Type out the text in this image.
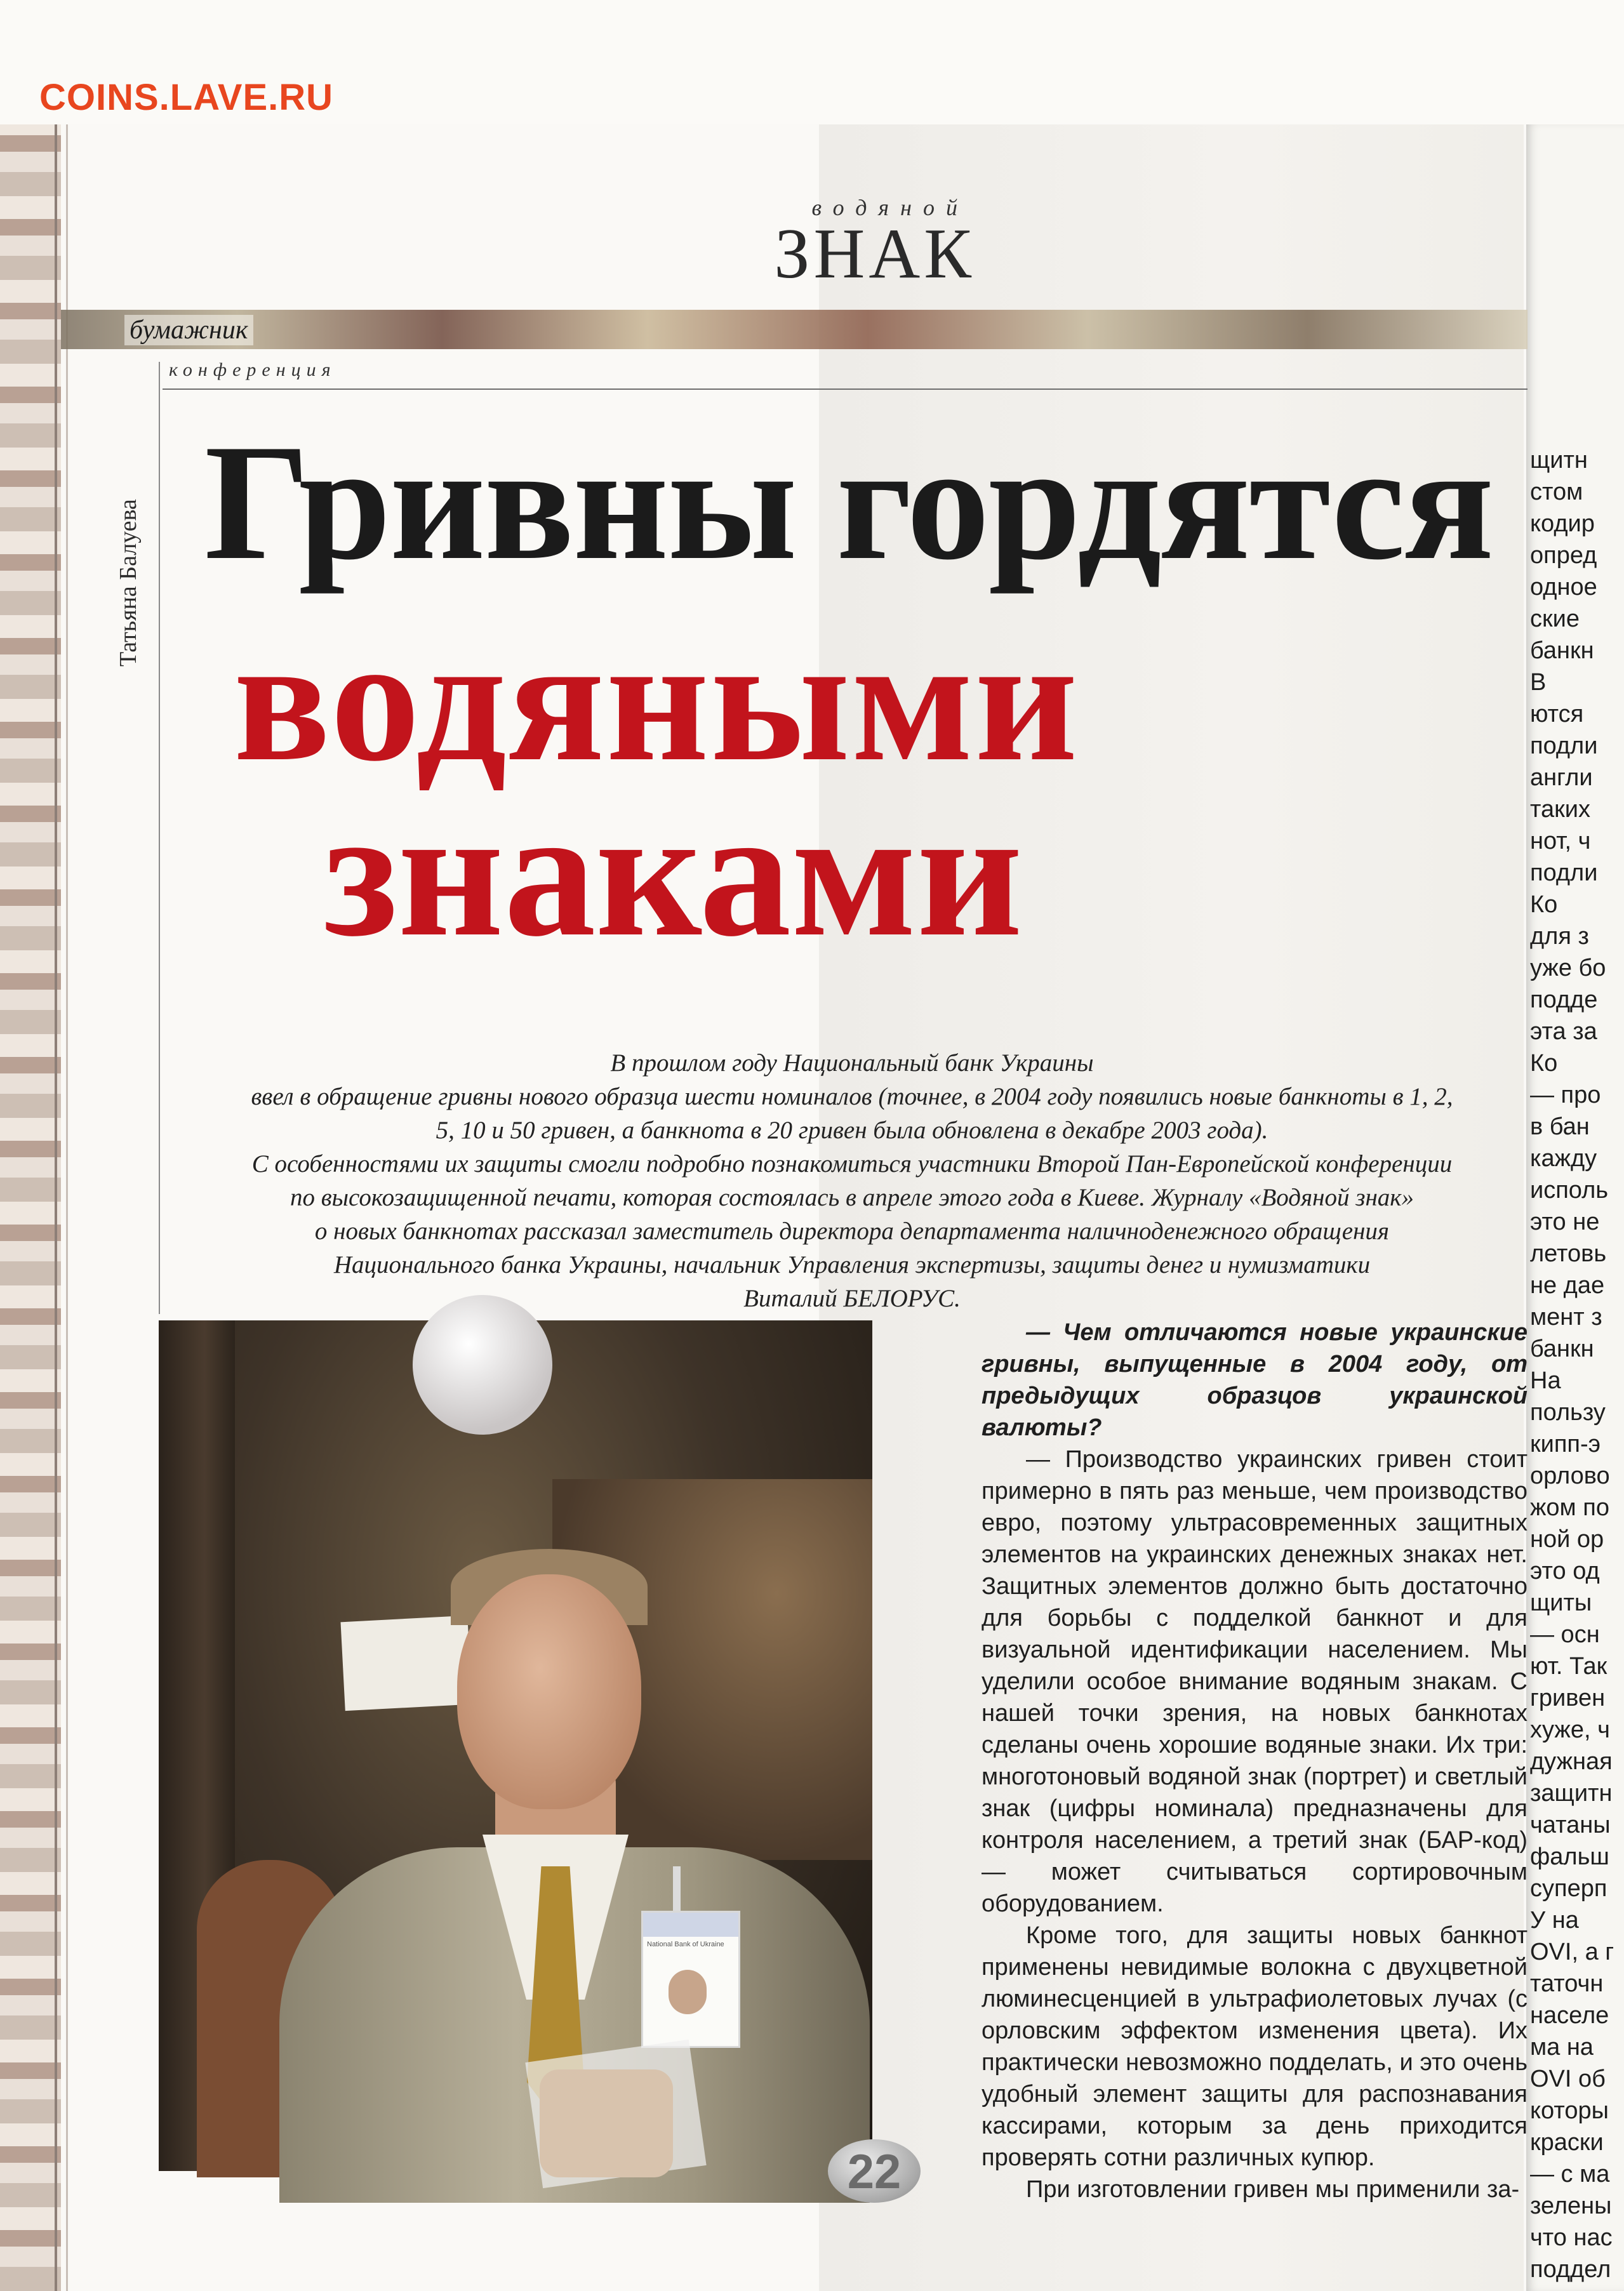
COINS.LAVE.RU
водяной
ЗНАК
бумажник
конференция
Татьяна Балуева Гривны гордятся
водяными
знаками
В прошлом году Национальный банк Украины
ввел в обращение гривны нового образца шести номиналов (точнее, в 2004 году появились новые банкноты в 1, 2,
5, 10 и 50 гривен, а банкнота в 20 гривен была обновлена в декабре 2003 года).
С особенностями их защиты смогли подробно познакомиться участники Второй Пан-Европейской конференции
по высокозащищенной печати, которая состоялась в апреле этого года в Киеве. Журналу «Водяной знак»
о новых банкнотах рассказал заместитель директора департамента наличноденежного обращения
Национального банка Украины, начальник Управления экспертизы, защиты денег и нумизматики
Виталий БЕЛОРУС.
National Bank of Ukraine
22

— Чем отличаются новые украинские гривны, выпущенные в 2004 году, от предыдущих образцов украинской валюты?

— Производство украинских гривен стоит примерно в пять раз меньше, чем производство евро, поэтому ультрасовременных защитных элементов на украинских денежных знаках нет. Защитных элементов должно быть достаточно для борьбы с подделкой банкнот и для визуальной идентификации населением. Мы уделили особое внимание водяным знакам. С нашей точки зрения, на новых банкнотах сделаны очень хорошие водяные знаки. Их три: многотоновый водяной знак (портрет) и светлый знак (цифры номинала) предназначены для контроля населением, а третий знак (БАР-код) — может считываться сортировочным оборудованием.

Кроме того, для защиты новых банкнот применены невидимые волокна с двухцветной люминесценцией в ультрафиолетовых лучах (с орловским эффектом изменения цвета). Их практически невозможно подделать, и это очень удобный элемент защиты для распознавания кассирами, которым за день приходится проверять сотни различных купюр.

При изготовлении гривен мы применили за-

щитн
стом
кодир
опред
одное
ские
банкн
В
ются
подли
англи
таких
нот, ч
подли
Ко
для з
уже бо
подде
эта за
Ко
— про
в бан
кажду
исполь
это не
летовь
не дае
мент з
банкн
На
пользу
кипп-э
орлово
жом по
ной ор
это од
щиты
— осн
ют. Так
гривен
хуже, ч
дужная
защитн
чатаны
фальш
суперп
У на
OVI, а г
таточн
населе
ма на
OVI об
которы
краски
— с ма
зелены
что нас
поддел
